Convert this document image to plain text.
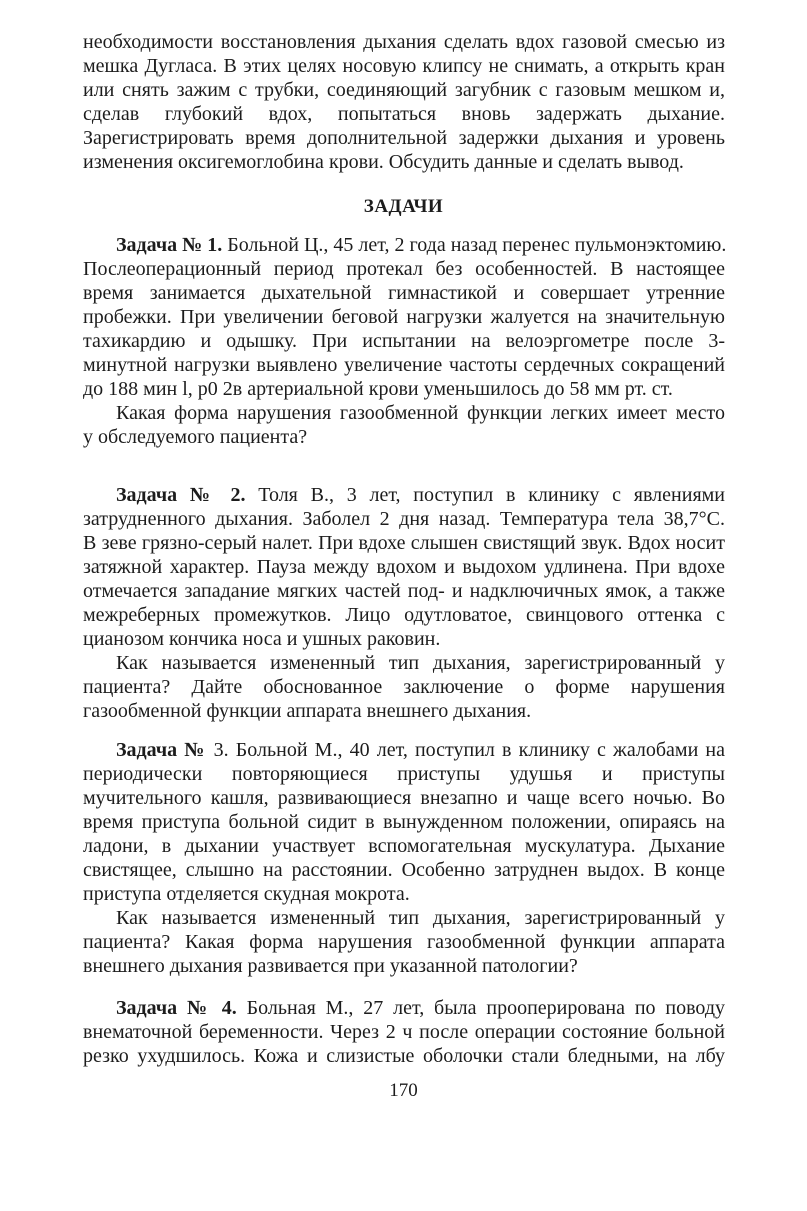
необходимости восстановления дыхания сделать вдох газовой смесью из
мешка Дугласа. В этих целях носовую клипсу не снимать, а открыть кран
или снять зажим с трубки, соединяющий загубник с газовым мешком и,
сделав глубокий вдох, попытаться вновь задержать дыхание.
Зарегистрировать время дополнительной задержки дыхания и уровень
изменения оксигемоглобина крови. Обсудить данные и сделать вывод.
ЗАДАЧИ
Задача № 1. Больной Ц., 45 лет, 2 года назад перенес пульмонэктомию.
Послеоперационный период протекал без особенностей. В настоящее
время занимается дыхательной гимнастикой и совершает утренние
пробежки. При увеличении беговой нагрузки жалуется на значительную
тахикардию и одышку. При испытании на велоэргометре после 3-
минутной нагрузки выявлено увеличение частоты сердечных сокращений
до 188 мин l, р0 2в артериальной крови уменьшилось до 58 мм рт. ст.
Какая форма нарушения газообменной функции легких имеет место
у обследуемого пациента?
Задача № 2. Толя В., 3 лет, поступил в клинику с явлениями
затрудненного дыхания. Заболел 2 дня назад. Температура тела 38,7°С.
В зеве грязно-серый налет. При вдохе слышен свистящий звук. Вдох носит
затяжной характер. Пауза между вдохом и выдохом удлинена. При вдохе
отмечается западание мягких частей под- и надключичных ямок, а также
межреберных промежутков. Лицо одутловатое, свинцового оттенка с
цианозом кончика носа и ушных раковин.
Как называется измененный тип дыхания, зарегистрированный у
пациента? Дайте обоснованное заключение о форме нарушения
газообменной функции аппарата внешнего дыхания.
Задача № 3. Больной М., 40 лет, поступил в клинику с жалобами на
периодически повторяющиеся приступы удушья и приступы
мучительного кашля, развивающиеся внезапно и чаще всего ночью. Во
время приступа больной сидит в вынужденном положении, опираясь на
ладони, в дыхании участвует вспомогательная мускулатура. Дыхание
свистящее, слышно на расстоянии. Особенно затруднен выдох. В конце
приступа отделяется скудная мокрота.
Как называется измененный тип дыхания, зарегистрированный у
пациента? Какая форма нарушения газообменной функции аппарата
внешнего дыхания развивается при указанной патологии?
Задача № 4. Больная М., 27 лет, была прооперирована по поводу
внематочной беременности. Через 2 ч после операции состояние больной
резко ухудшилось. Кожа и слизистые оболочки стали бледными, на лбу
170
